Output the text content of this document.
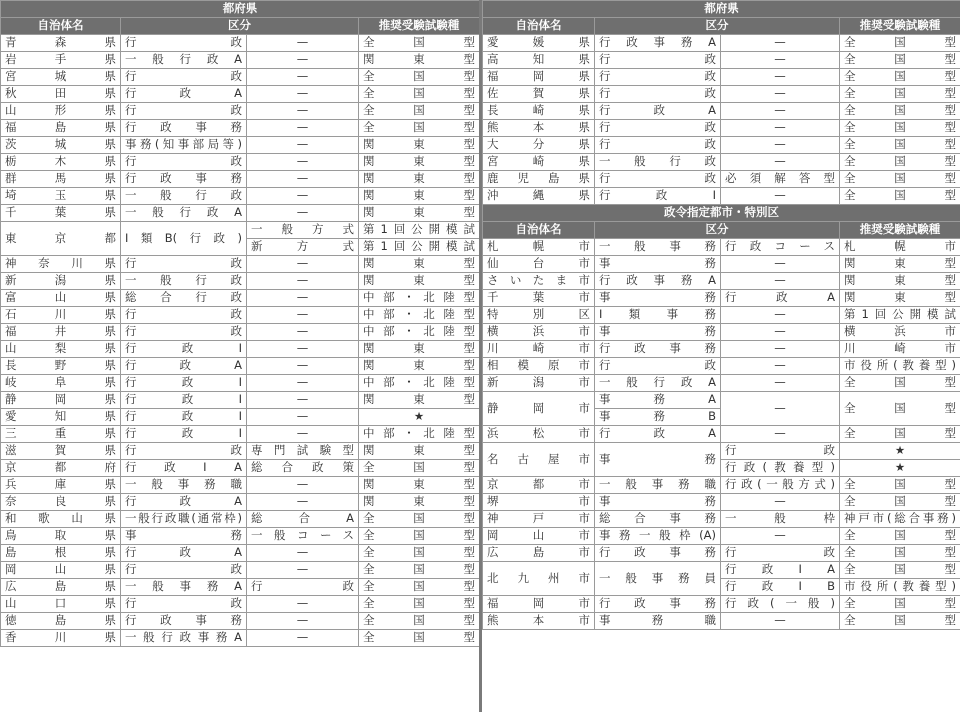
都府県			
自治体名	区分		推奨受験試験種
青森県	行政	—	全国型
岩手県	一般行政A	—	関東型
宮城県	行政	—	全国型
秋田県	行政A	—	全国型
山形県	行政	—	全国型
福島県	行政事務	—	全国型
茨城県	事務(知事部局等)	—	関東型
栃木県	行政	—	関東型
群馬県	行政事務	—	関東型
埼玉県	一般行政	—	関東型
千葉県	一般行政A	—	関東型
東京都	Ⅰ類B(行政)	一般方式	第1回公開模試
		新方式	第1回公開模試
神奈川県	行政	—	関東型
新潟県	一般行政	—	関東型
富山県	総合行政	—	中部・北陸型
石川県	行政	—	中部・北陸型
福井県	行政	—	中部・北陸型
山梨県	行政Ⅰ	—	関東型
長野県	行政A	—	関東型
岐阜県	行政Ⅰ	—	中部・北陸型
静岡県	行政Ⅰ	—	関東型
愛知県	行政Ⅰ	—	★
三重県	行政Ⅰ	—	中部・北陸型
滋賀県	行政	専門試験型	関東型
京都府	行政ⅠA	総合政策	全国型
兵庫県	一般事務職	—	関東型
奈良県	行政A	—	関東型
和歌山県	一般行政職(通常枠)	総合A	全国型
鳥取県	事務	一般コース	全国型
島根県	行政A	—	全国型
岡山県	行政	—	全国型
広島県	一般事務A	行政	全国型
山口県	行政	—	全国型
徳島県	行政事務	—	全国型
香川県	一般行政事務A	—	全国型
都府県			
自治体名	区分		推奨受験試験種
愛媛県	行政事務A	—	全国型
高知県	行政	—	全国型
福岡県	行政	—	全国型
佐賀県	行政	—	全国型
長崎県	行政A	—	全国型
熊本県	行政	—	全国型
大分県	行政	—	全国型
宮崎県	一般行政	—	全国型
鹿児島県	行政	必須解答型	全国型
沖縄県	行政Ⅰ	—	全国型
政令指定都市・特別区			
自治体名	区分		推奨受験試験種
札幌市	一般事務	行政コース	札幌市
仙台市	事務	—	関東型
さいたま市	行政事務A	—	関東型
千葉市	事務	行政A	関東型
特別区	Ⅰ類事務	—	第1回公開模試
横浜市	事務	—	横浜市
川崎市	行政事務	—	川崎市
相模原市	行政	—	市役所(教養型)
新潟市	一般行政A	—	全国型
静岡市	事務A	—	全国型
	事務B		
浜松市	行政A	—	全国型
名古屋市	事務	行政	★
		行政(教養型)	★
京都市	一般事務職	行政(一般方式)	全国型
堺市	事務	—	全国型
神戸市	総合事務	一般枠	神戸市(総合事務)
岡山市	事務一般枠(A)	—	全国型
広島市	行政事務	行政	全国型
北九州市	一般事務員	行政ⅠA	全国型
		行政ⅠB	市役所(教養型)
福岡市	行政事務	行政(一般)	全国型
熊本市	事務職	—	全国型
